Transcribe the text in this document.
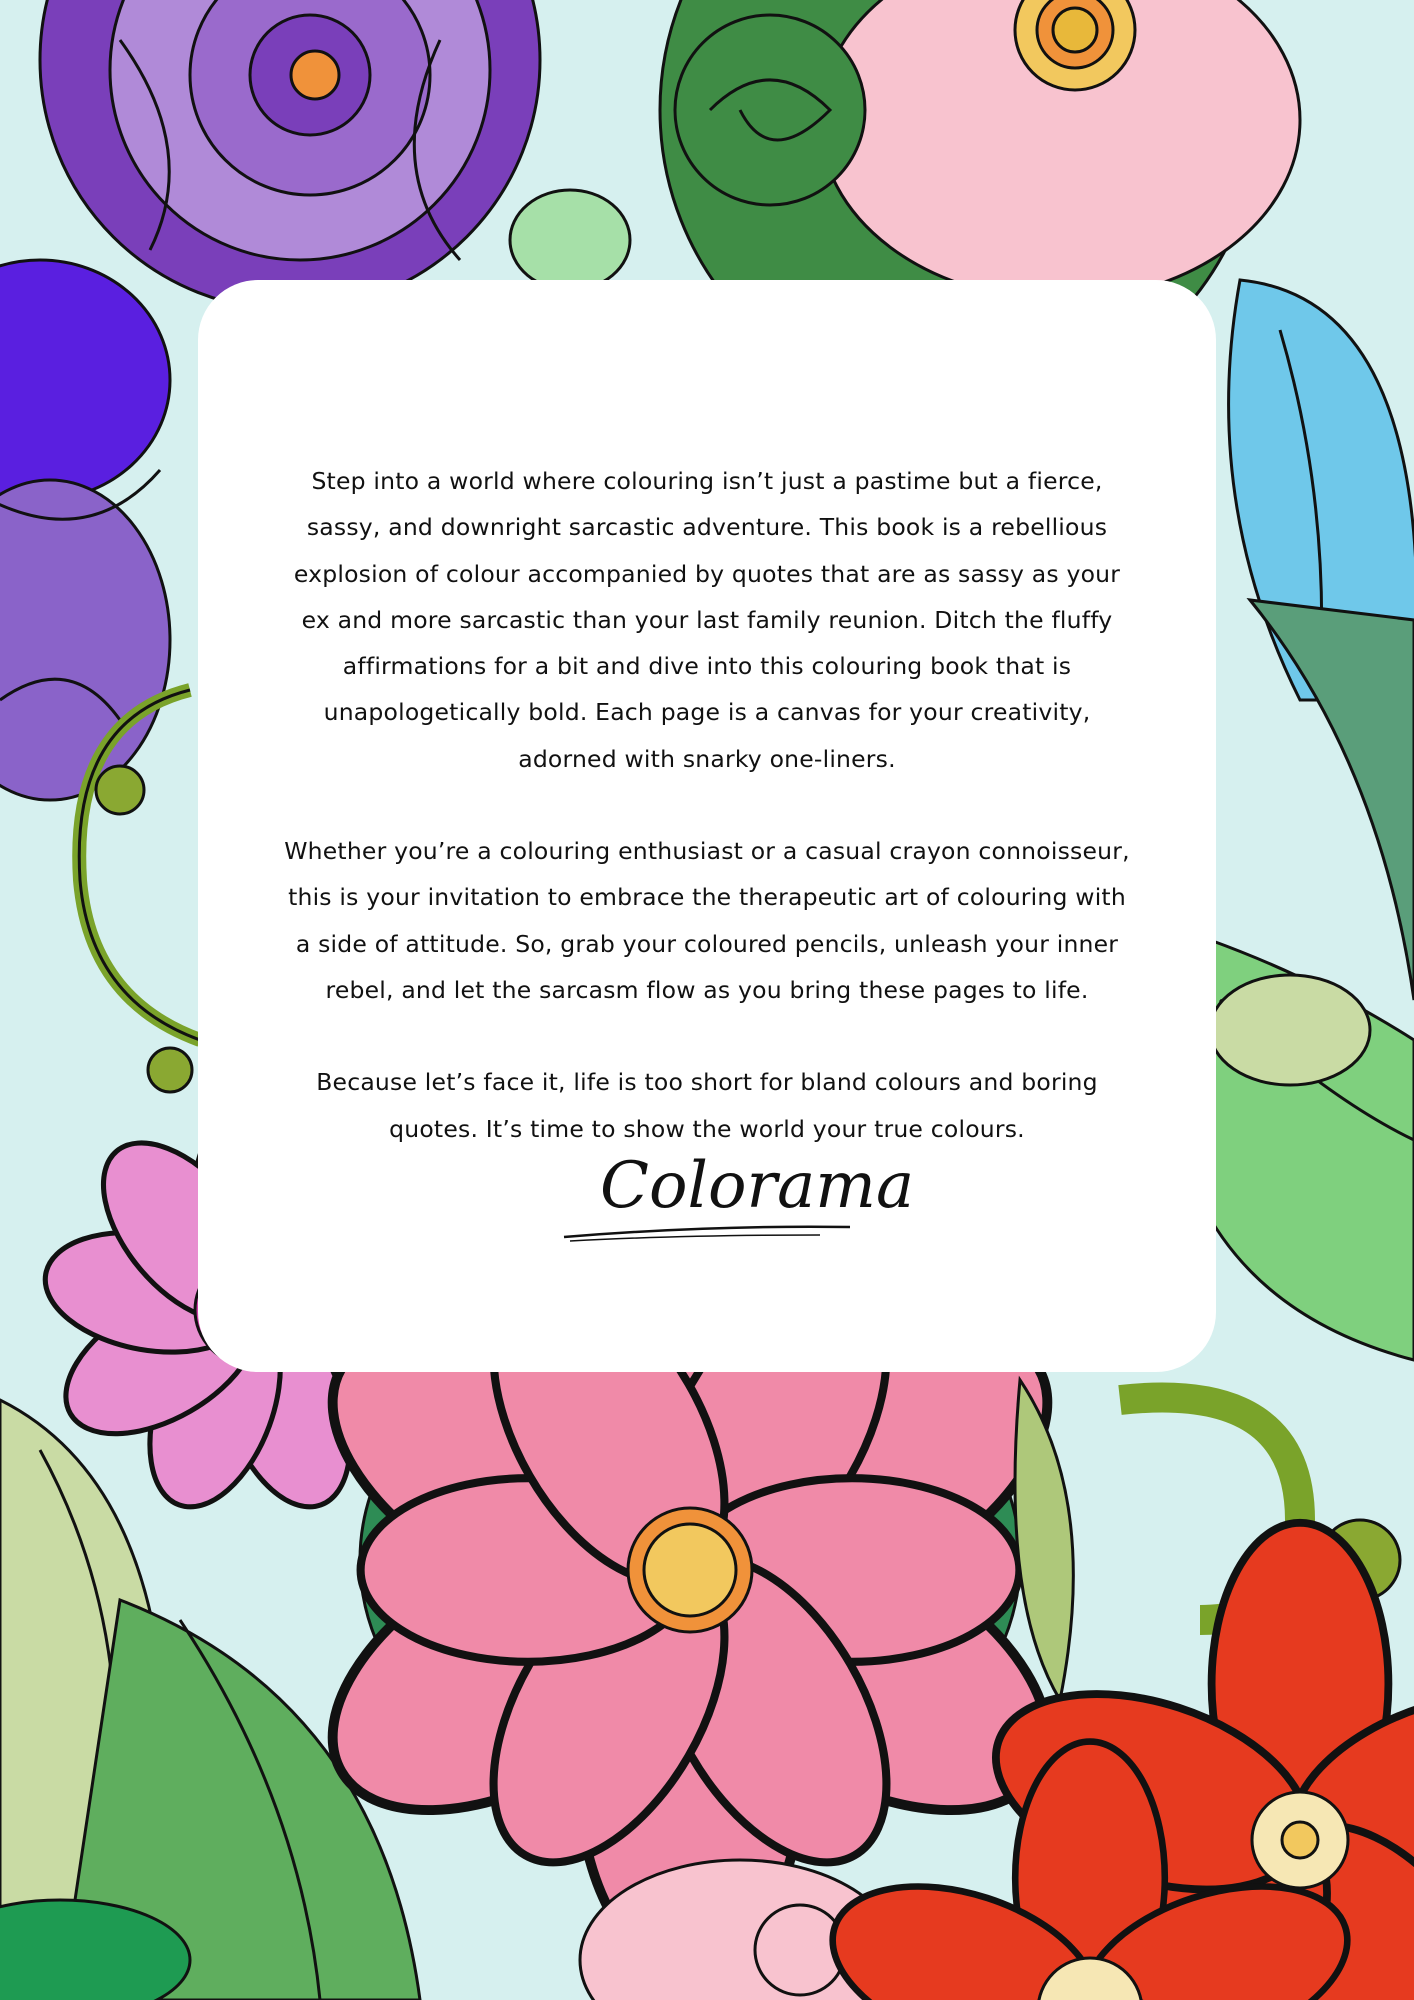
Step into a world where colouring isn’t just a pastime but a fierce, sassy, and downright sarcastic adventure. This book is a rebellious explosion of colour accompanied by quotes that are as sassy as your ex and more sarcastic than your last family reunion. Ditch the fluffy affirmations for a bit and dive into this colouring book that is unapologetically bold. Each page is a canvas for your creativity, adorned with snarky one-liners.

Whether you’re a colouring enthusiast or a casual crayon connoisseur, this is your invitation to embrace the therapeutic art of colouring with a side of attitude. So, grab your coloured pencils, unleash your inner rebel, and let the sarcasm flow as you bring these pages to life.

Because let’s face it, life is too short for bland colours and boring quotes. It’s time to show the world your true colours.

Colorama
